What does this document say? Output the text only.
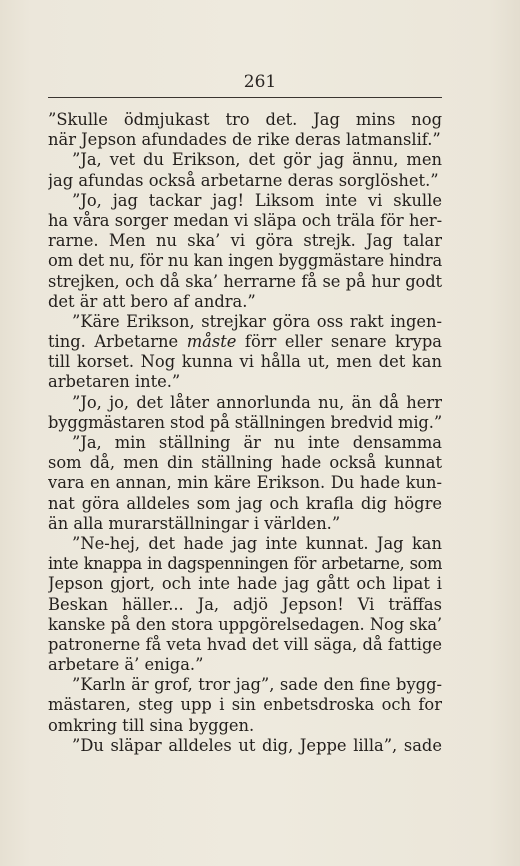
261
”Skulle ödmjukast tro det. Jag mins nog
när Jepson afundades de rike deras latmanslif.”
”Ja, vet du Erikson, det gör jag ännu, men
jag afundas också arbetarne deras sorglöshet.”
”Jo, jag tackar jag! Liksom inte vi skulle
ha våra sorger medan vi släpa och träla för her-
rarne. Men nu ska’ vi göra strejk. Jag talar
om det nu, för nu kan ingen byggmästare hindra
strejken, och då ska’ herrarne få se på hur godt
det är att bero af andra.”
”Käre Erikson, strejkar göra oss rakt ingen-
ting. Arbetarne måste förr eller senare krypa
till korset. Nog kunna vi hålla ut, men det kan
arbetaren inte.”
”Jo, jo, det låter annorlunda nu, än då herr
byggmästaren stod på ställningen bredvid mig.”
”Ja, min ställning är nu inte densamma
som då, men din ställning hade också kunnat
vara en annan, min käre Erikson. Du hade kun-
nat göra alldeles som jag och krafla dig högre
än alla murarställningar i världen.”
”Ne-hej, det hade jag inte kunnat. Jag kan
inte knappa in dagspenningen för arbetarne, som
Jepson gjort, och inte hade jag gått och lipat i
Beskan häller... Ja, adjö Jepson! Vi träffas
kanske på den stora uppgörelsedagen. Nog ska’
patronerne få veta hvad det vill säga, då fattige
arbetare ä’ eniga.”
”Karln är grof, tror jag”, sade den fine bygg-
mästaren, steg upp i sin enbetsdroska och for
omkring till sina byggen.
”Du släpar alldeles ut dig, Jeppe lilla”, sade
